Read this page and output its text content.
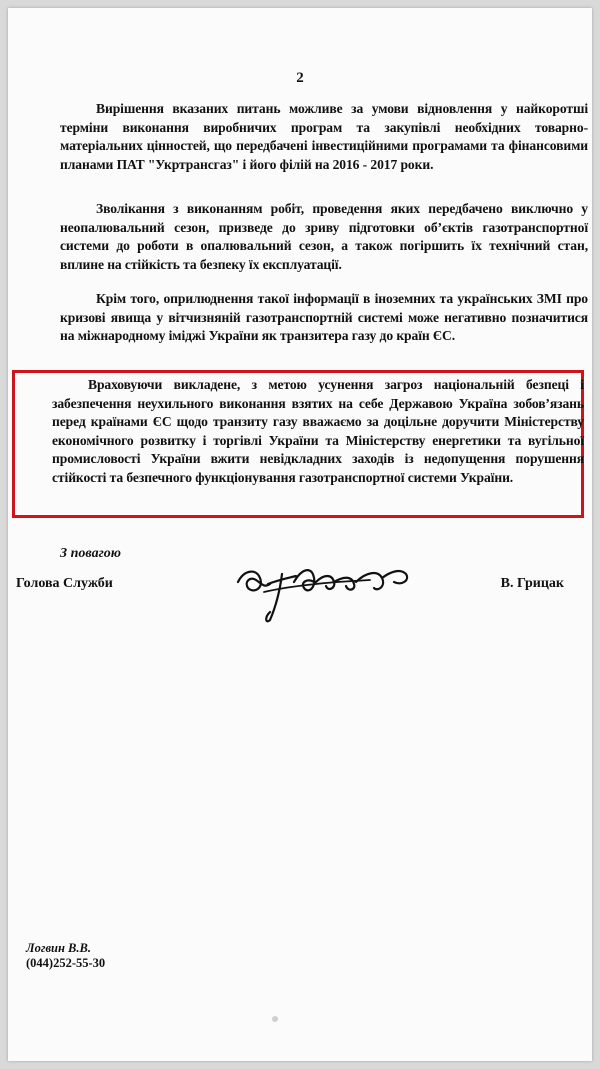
2

Вирішення вказаних питань можливе за умови відновлення у найкоротші терміни виконання виробничих програм та закупівлі необхідних товарно-матеріальних цінностей, що передбачені інвестиційними програмами та фінансовими планами ПАТ "Укртрансгаз" і його філій на 2016 - 2017 роки.

Зволікання з виконанням робіт, проведення яких передбачено виключно у неопалювальний сезон, призведе до зриву підготовки об’єктів газотранспортної системи до роботи в опалювальний сезон, а також погіршить їх технічний стан, вплине на стійкість та безпеку їх експлуатації.

Крім того, оприлюднення такої інформації в іноземних та українських ЗМІ про кризові явища у вітчизняній газотранспортній системі може негативно позначитися на міжнародному іміджі України як транзитера газу до країн ЄС.

Враховуючи викладене, з метою усунення загроз національній безпеці і забезпечення неухильного виконання взятих на себе Державою Україна зобов’язань перед країнами ЄС щодо транзиту газу вважаємо за доцільне доручити Міністерству економічного розвитку і торгівлі України та Міністерству енергетики та вугільної промисловості України вжити невідкладних заходів із недопущення порушення стійкості та безпечного функціонування газотранспортної системи України.

З повагою
Голова Служби	В. Грицак
Логвин В.В.
(044)252-55-30
